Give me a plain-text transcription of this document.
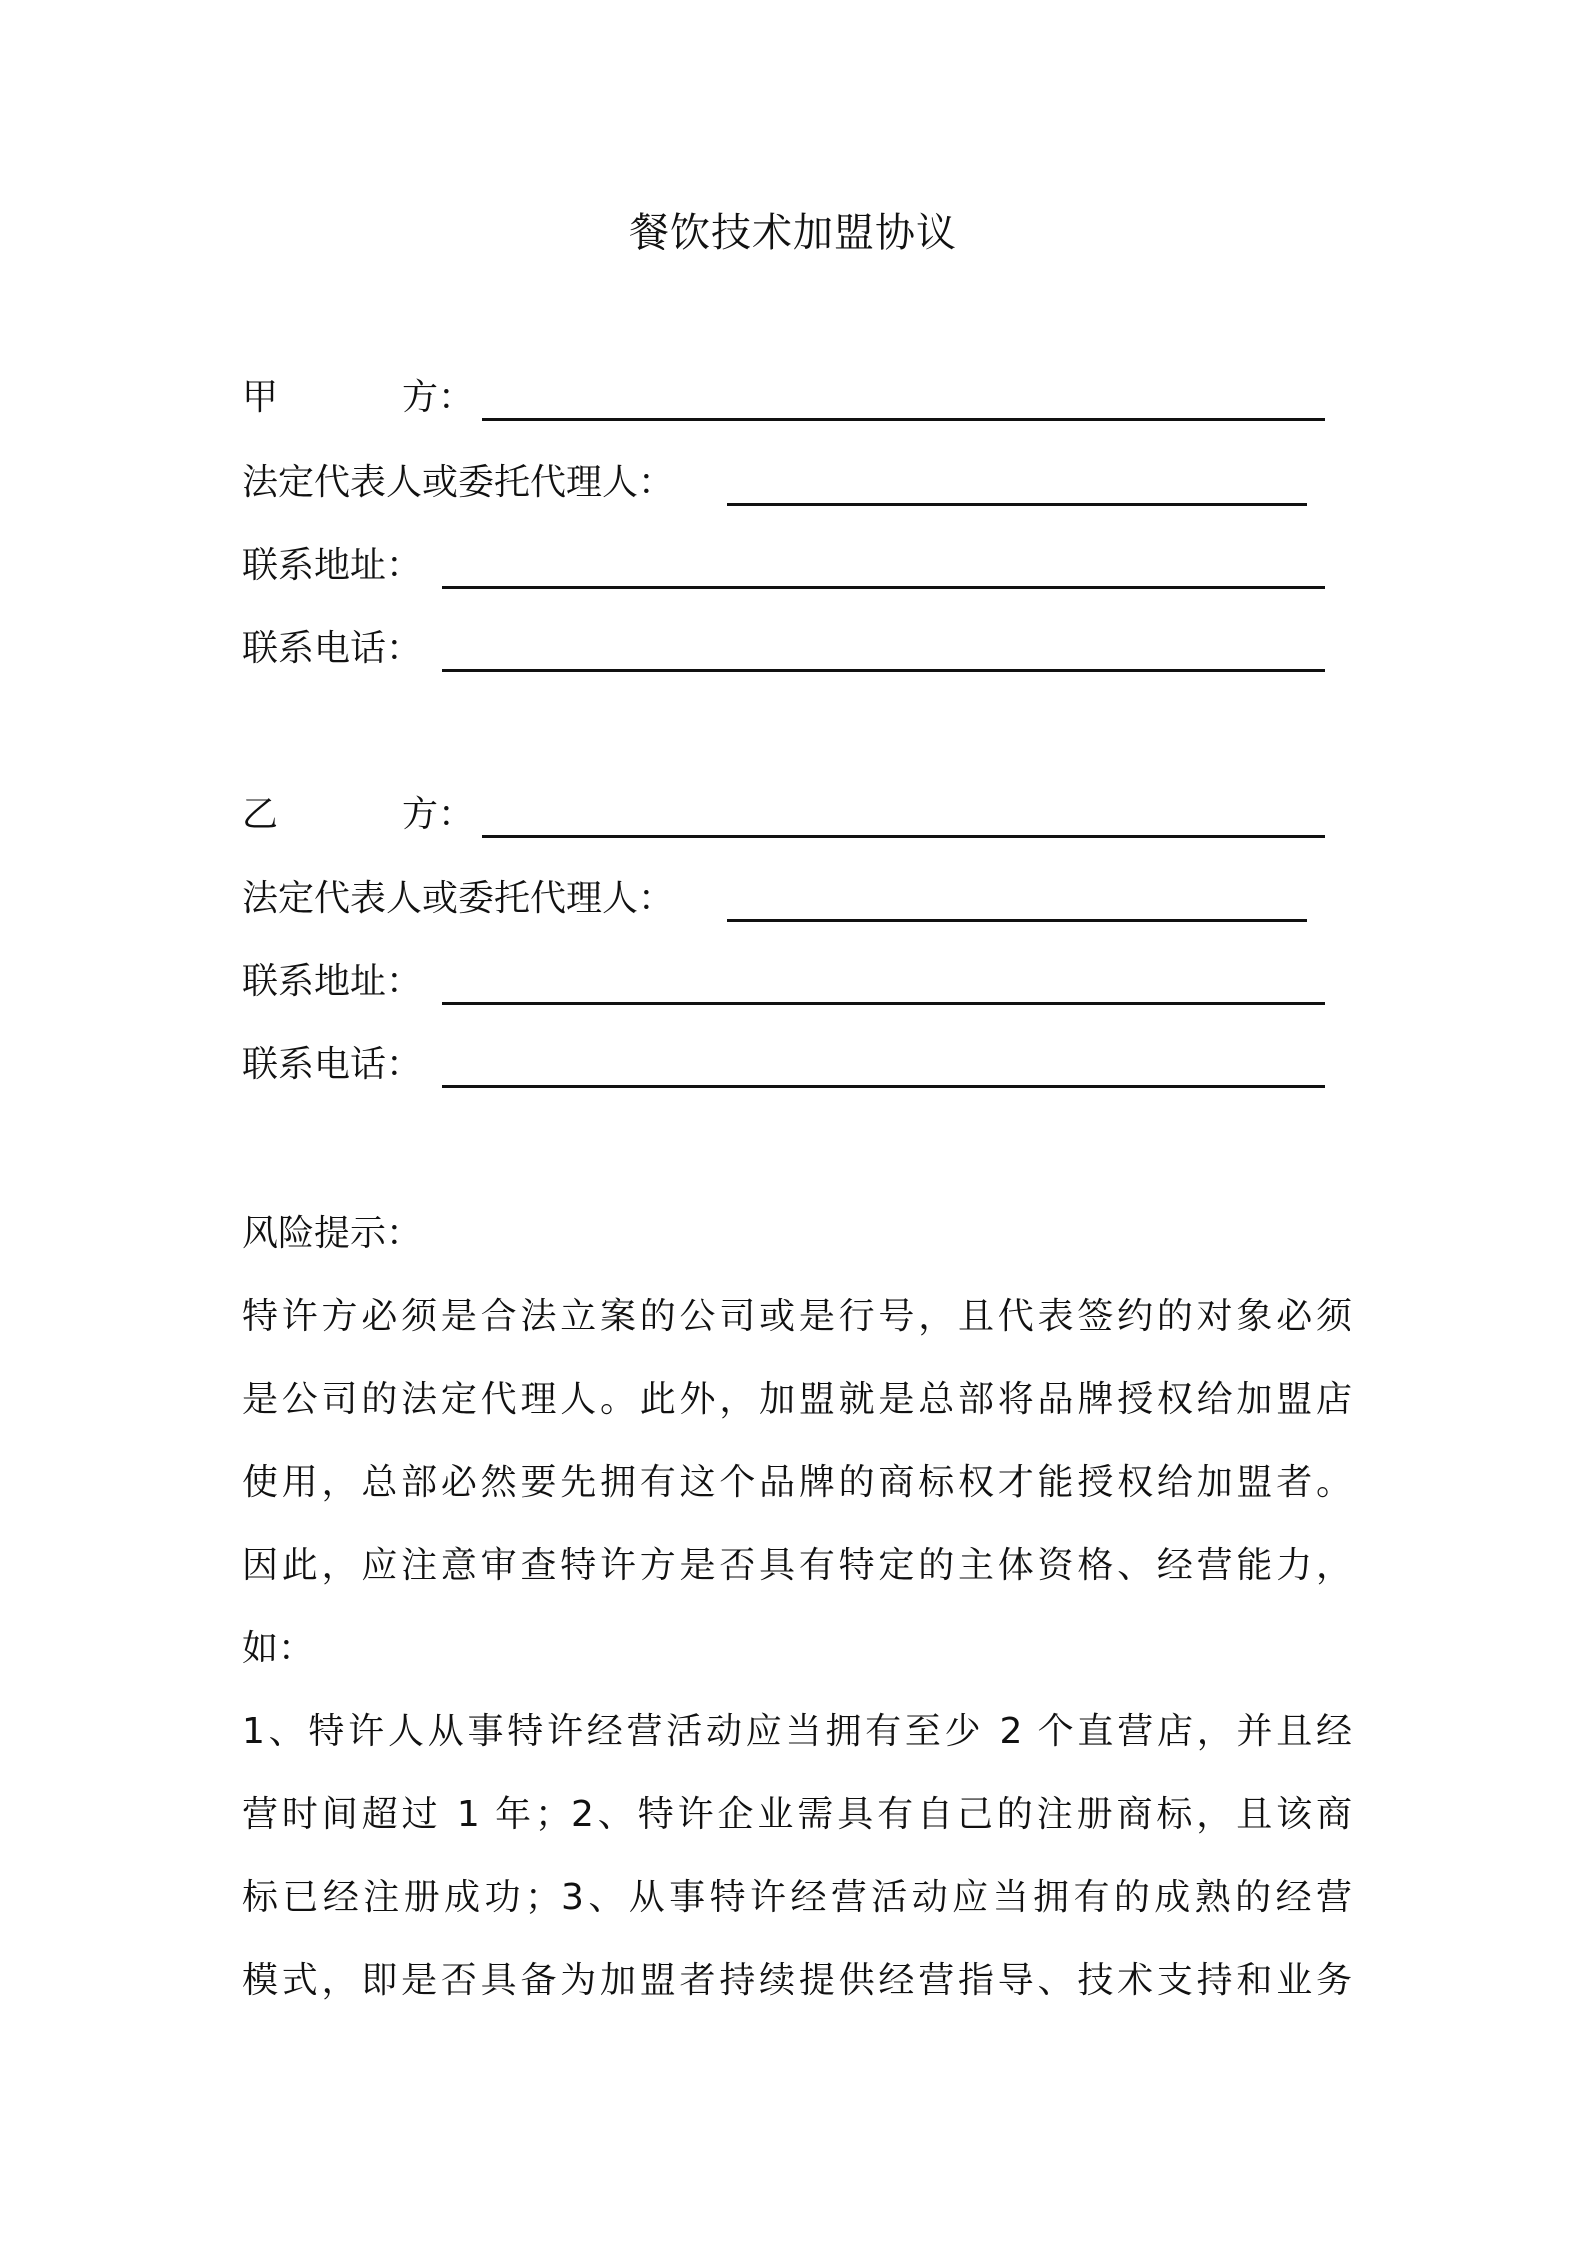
餐饮技术加盟协议
甲	方：
法定代表人或委托代理人：
联系地址：
联系电话：
乙	方：
法定代表人或委托代理人：
联系地址：
联系电话：
风险提示：
特许方必须是合法立案的公司或是行号，且代表签约的对象必须
是公司的法定代理人。此外，加盟就是总部将品牌授权给加盟店
使用，总部必然要先拥有这个品牌的商标权才能授权给加盟者。
因此，应注意审查特许方是否具有特定的主体资格、经营能力，
如：
1、特许人从事特许经营活动应当拥有至少 2 个直营店，并且经
营时间超过 1 年；2、特许企业需具有自己的注册商标，且该商
标已经注册成功；3、从事特许经营活动应当拥有的成熟的经营
模式，即是否具备为加盟者持续提供经营指导、技术支持和业务
